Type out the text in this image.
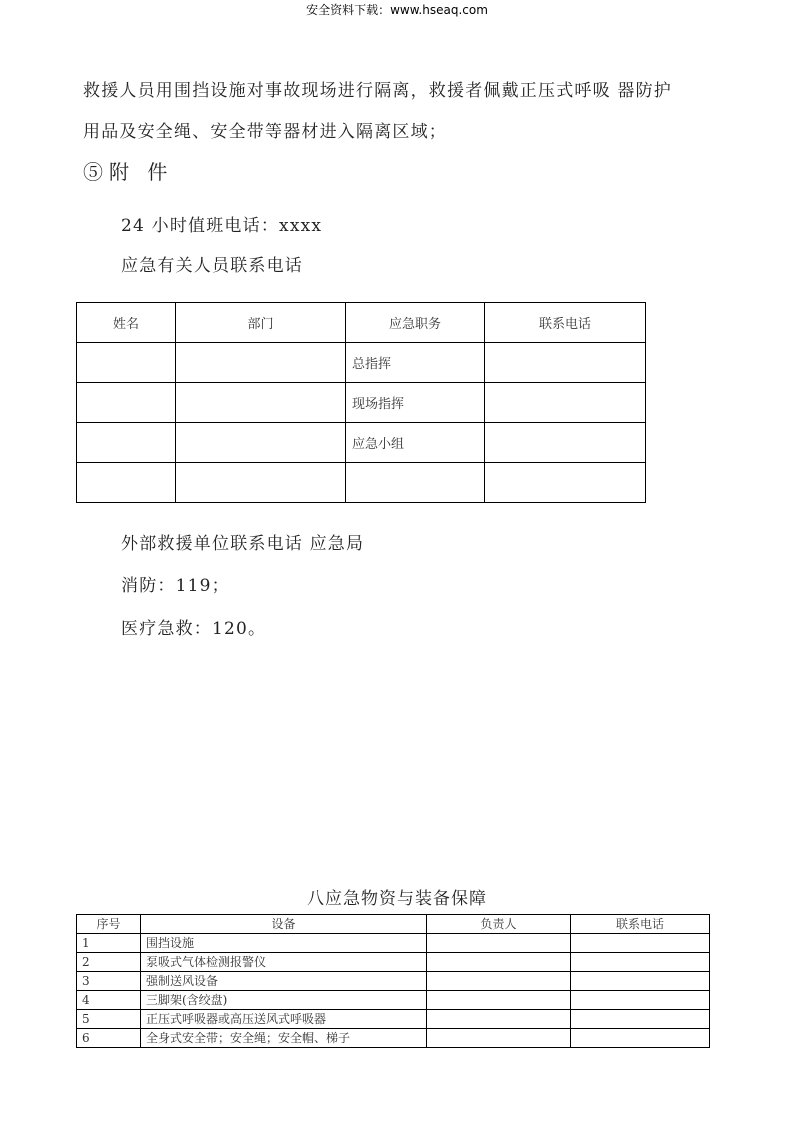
安全资料下载：www.hseaq.com
救援人员用围挡设施对事故现场进行隔离，救援者佩戴正压式呼吸 器防护
用品及安全绳、安全带等器材进入隔离区域；
⑤附 件
24 小时值班电话：xxxx
应急有关人员联系电话
姓名	部门	应急职务	联系电话
		总指挥	
		现场指挥	
		应急小组	

外部救援单位联系电话 应急局
消防：119；
医疗急救：120。
八应急物资与装备保障
序号	设备	负责人	联系电话
1	围挡设施		
2	泵吸式气体检测报警仪		
3	强制送风设备		
4	三脚架(含绞盘)		
5	正压式呼吸器或高压送风式呼吸器		
6	全身式安全带；安全绳；安全帽、梯子		
